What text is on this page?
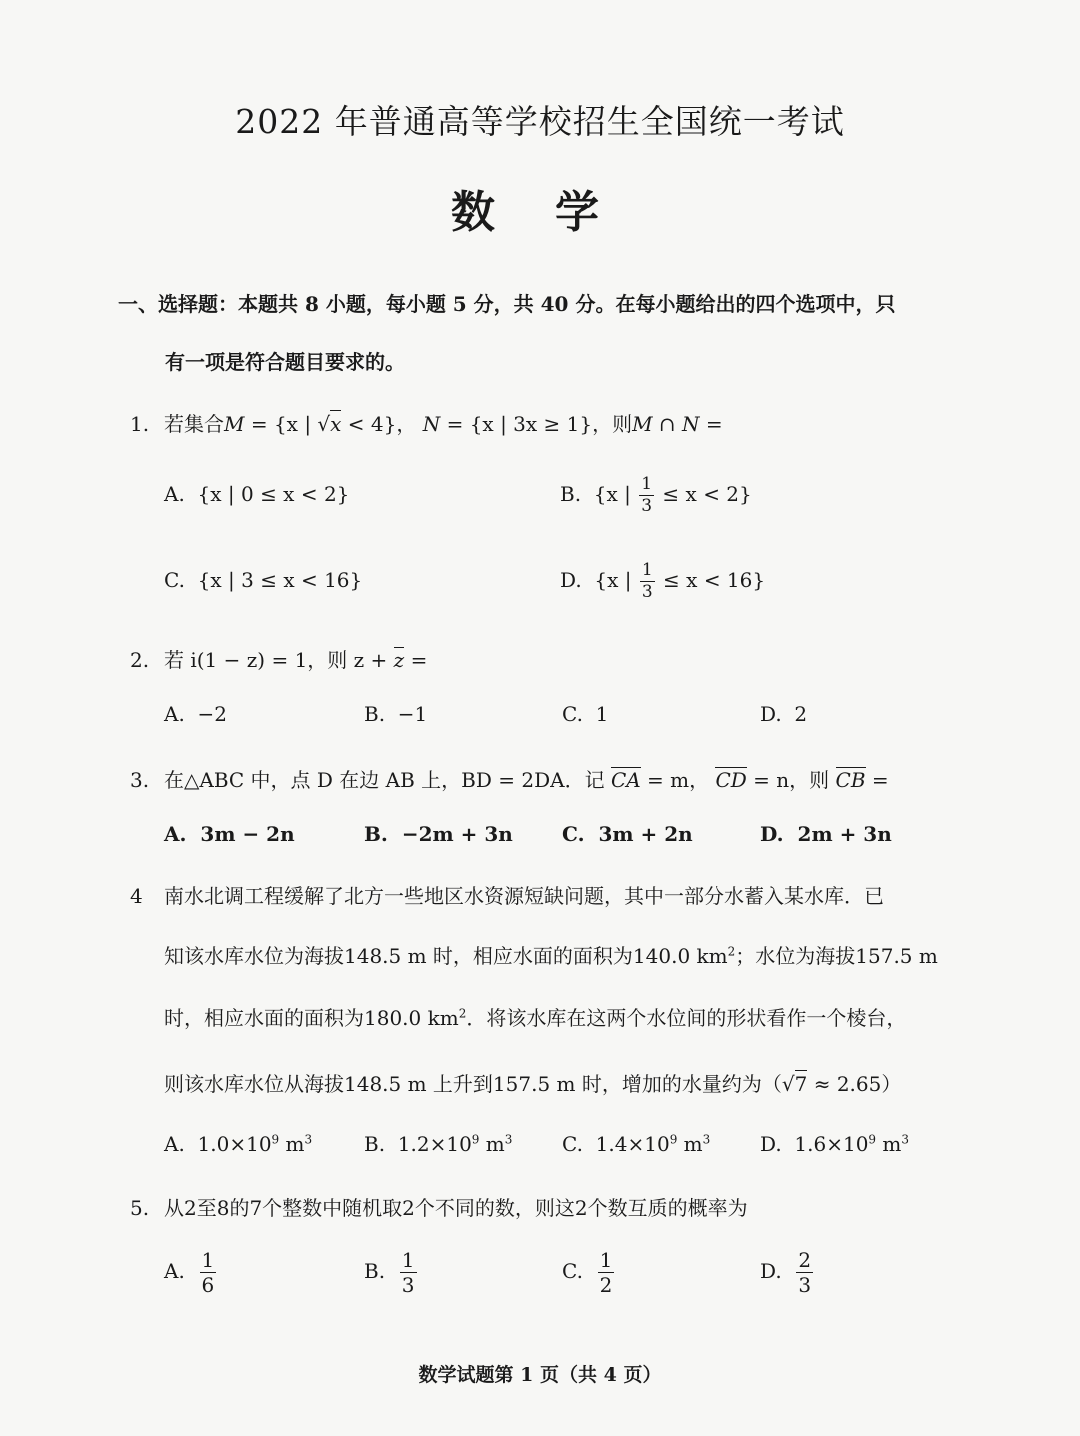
2022 年普通高等学校招生全国统一考试
数学
一、选择题：本题共 8 小题，每小题 5 分，共 40 分。在每小题给出的四个选项中，只
有一项是符合题目要求的。
1. 若集合M = {x | √x < 4}， N = {x | 3x ≥ 1}，则M ∩ N =
A. {x | 0 ≤ x < 2}	B. {x | $\frac{1}{3} \le x < 2$}
C. {x | 3 ≤ x < 16}	D. {x | $\frac{1}{3} \le x < 16$}
2. 若 i(1 − z) = 1，则 z + z =
A. −2	B. −1	C. 1	D. 2
3. 在△ABC 中，点 D 在边 AB 上，BD = 2DA．记 CA = m， CD = n，则 CB =
A. 3m − 2n	B. −2m + 3n C. 3m + 2n	D. 2m + 3n
4 南水北调工程缓解了北方一些地区水资源短缺问题，其中一部分水蓄入某水库．已
知该水库水位为海拔148.5 m 时，相应水面的面积为140.0 $km^2$；水位为海拔157.5 m
时，相应水面的面积为180.0 $km^2$．将该水库在这两个水位间的形状看作一个棱台，
则该水库水位从海拔148.5 m 上升到157.5 m 时，增加的水量约为（√7 ≈ 2.65）
A. $1.0\times 10^9$ $m^3$	B. $1.2\times 10^9$ $m^3$ C. $1.4\times 10^9$ $m^3$ D. $1.6\times 10^9$ $m^3$
5. 从2至8的7个整数中随机取2个不同的数，则这2个数互质的概率为
A. $\frac{1}{6}$	B. $\frac{1}{3}$	C. $\frac{1}{2}$	D. $\frac{2}{3}$
数学试题第 1 页（共 4 页）
